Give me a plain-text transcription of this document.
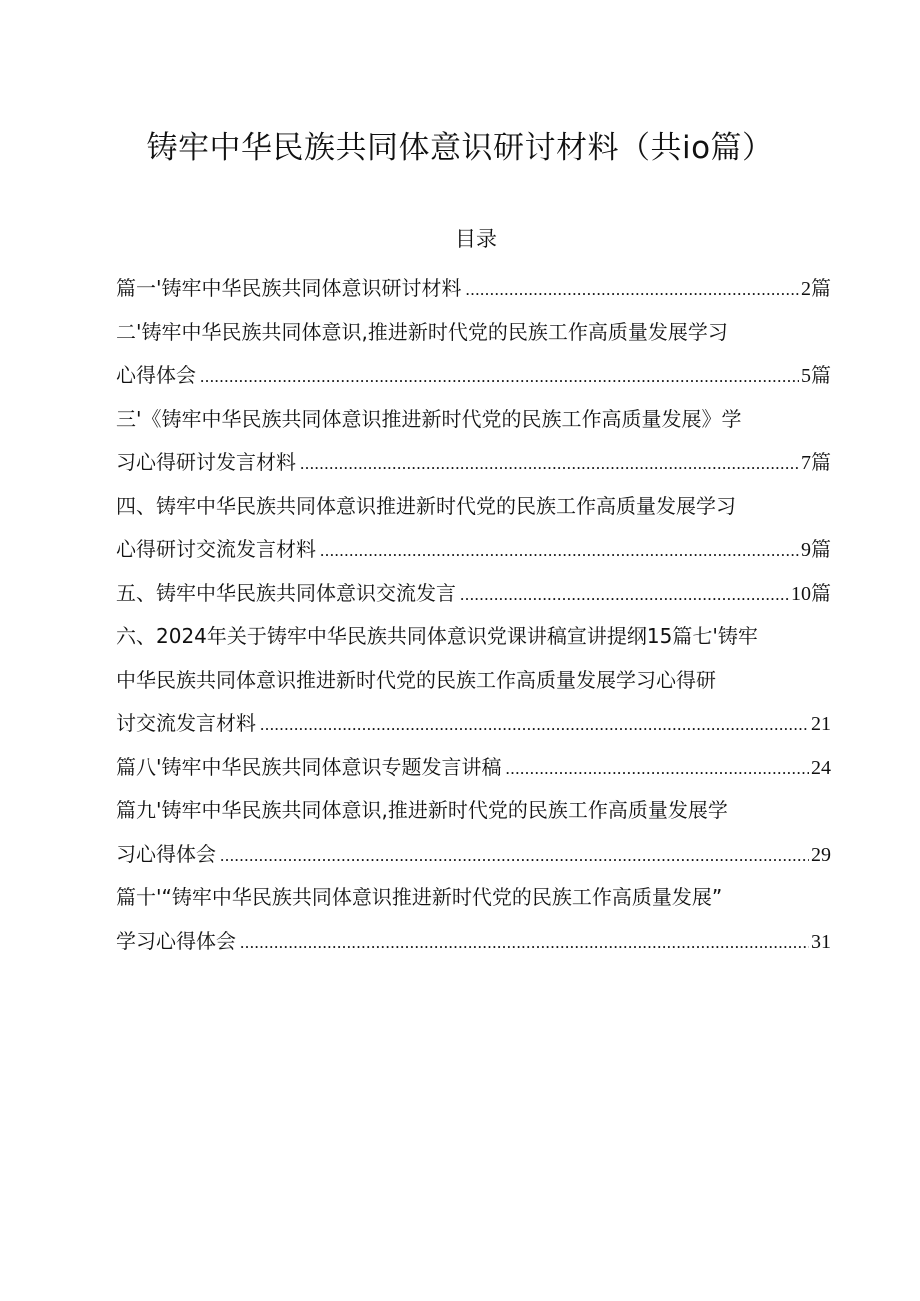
铸牢中华民族共同体意识研讨材料（共io篇）
目录
篇一'铸牢中华民族共同体意识研讨材料 .....	2篇
二'铸牢中华民族共同体意识,推进新时代党的民族工作高质量发展学习
心得体会 .....	5篇
三'《铸牢中华民族共同体意识推进新时代党的民族工作高质量发展》学
习心得研讨发言材料 .....	7篇
四、铸牢中华民族共同体意识推进新时代党的民族工作高质量发展学习
心得研讨交流发言材料 .....	9篇
五、铸牢中华民族共同体意识交流发言 .....	10篇
六、2024年关于铸牢中华民族共同体意识党课讲稿宣讲提纲15篇七'铸牢
中华民族共同体意识推进新时代党的民族工作高质量发展学习心得研
讨交流发言材料 .....	21
篇八'铸牢中华民族共同体意识专题发言讲稿 .....	24
篇九'铸牢中华民族共同体意识,推进新时代党的民族工作高质量发展学
习心得体会 .....	29
篇十'“铸牢中华民族共同体意识推进新时代党的民族工作高质量发展”
学习心得体会 .....	31
